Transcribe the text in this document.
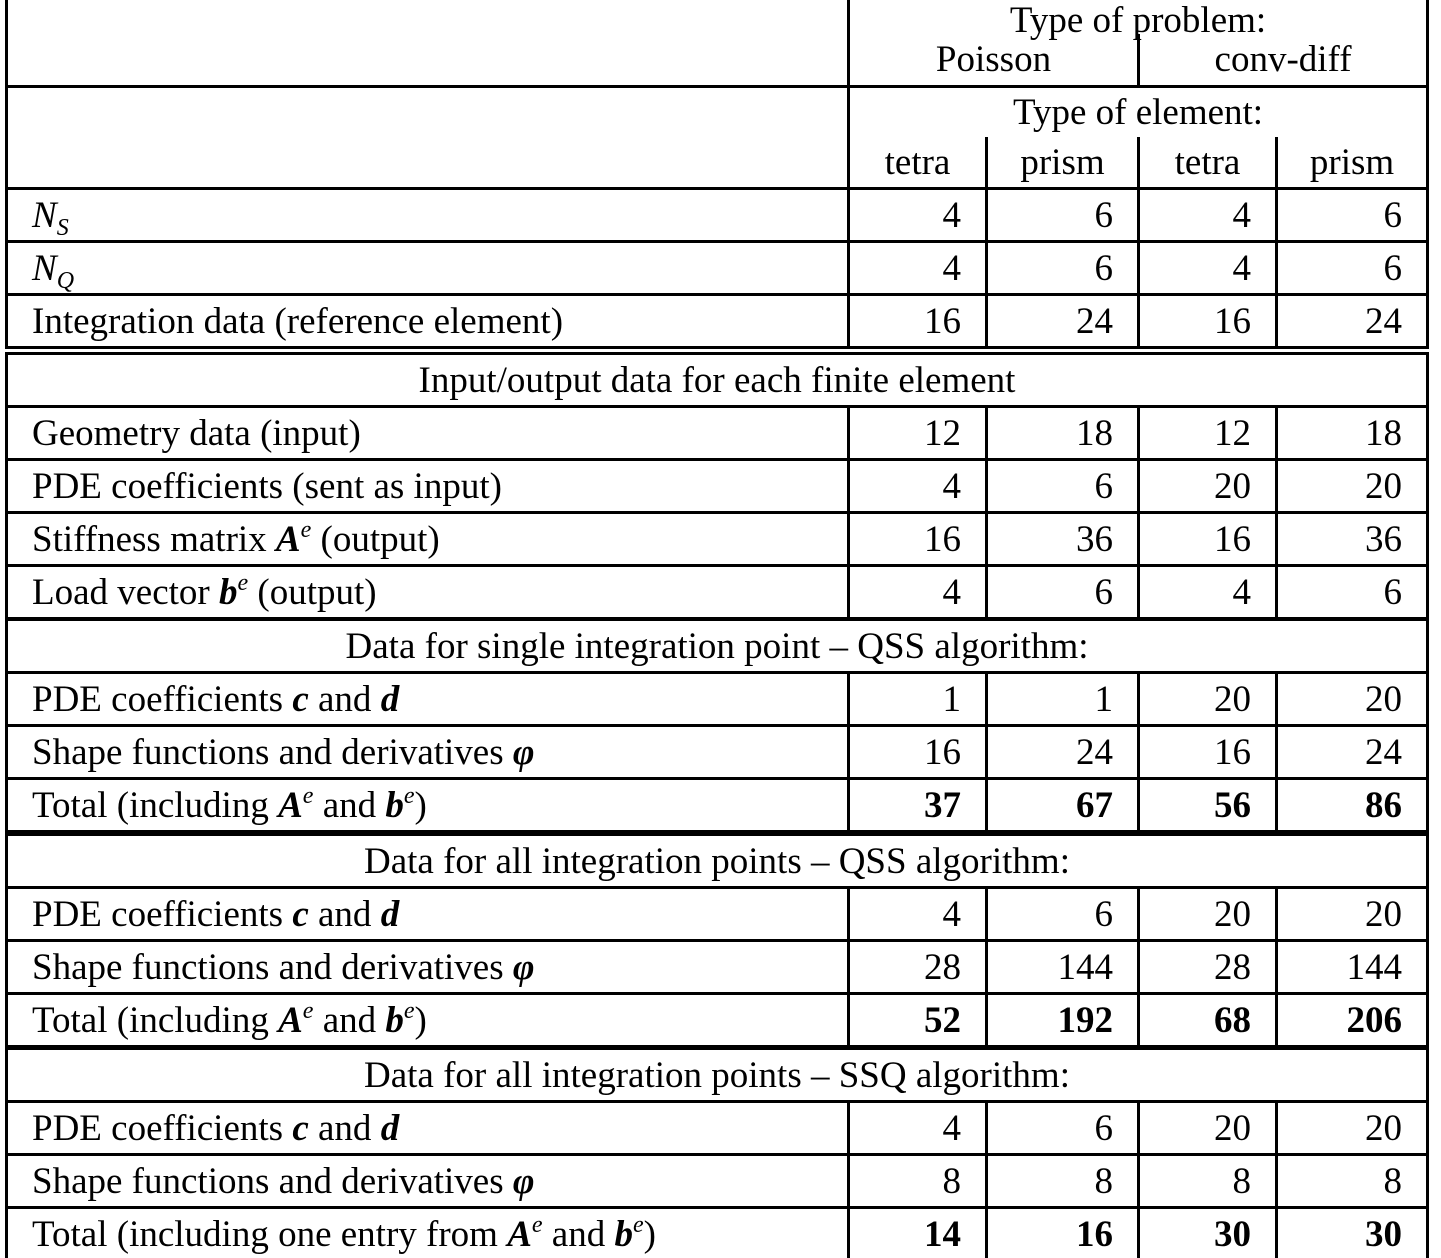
	Type of problem:			
	Poisson		conv-diff	
	Type of element:			
	tetra	prism	tetra	prism
$N_S$	4	6	4	6
$N_Q$	4	6	4	6
Integration data (reference element)	16	24	16	24
Input/output data for each finite element				
Geometry data (input)	12	18	12	18
PDE coefficients (sent as input)	4	6	20	20
Stiffness matrix $A^e$ (output)	16	36	16	36
Load vector $b^e$ (output)	4	6	4	6
Data for single integration point – QSS algorithm:				
PDE coefficients c and d	1	1	20	20
Shape functions and derivatives φ	16	24	16	24
Total (including $A^e$ and $b^e$)	37	67	56	86
Data for all integration points – QSS algorithm:				
PDE coefficients c and d	4	6	20	20
Shape functions and derivatives φ	28	144	28	144
Total (including $A^e$ and $b^e$)	52	192	68	206
Data for all integration points – SSQ algorithm:				
PDE coefficients c and d	4	6	20	20
Shape functions and derivatives φ	8	8	8	8
Total (including one entry from $A^e$ and $b^e$)	14	16	30	30
